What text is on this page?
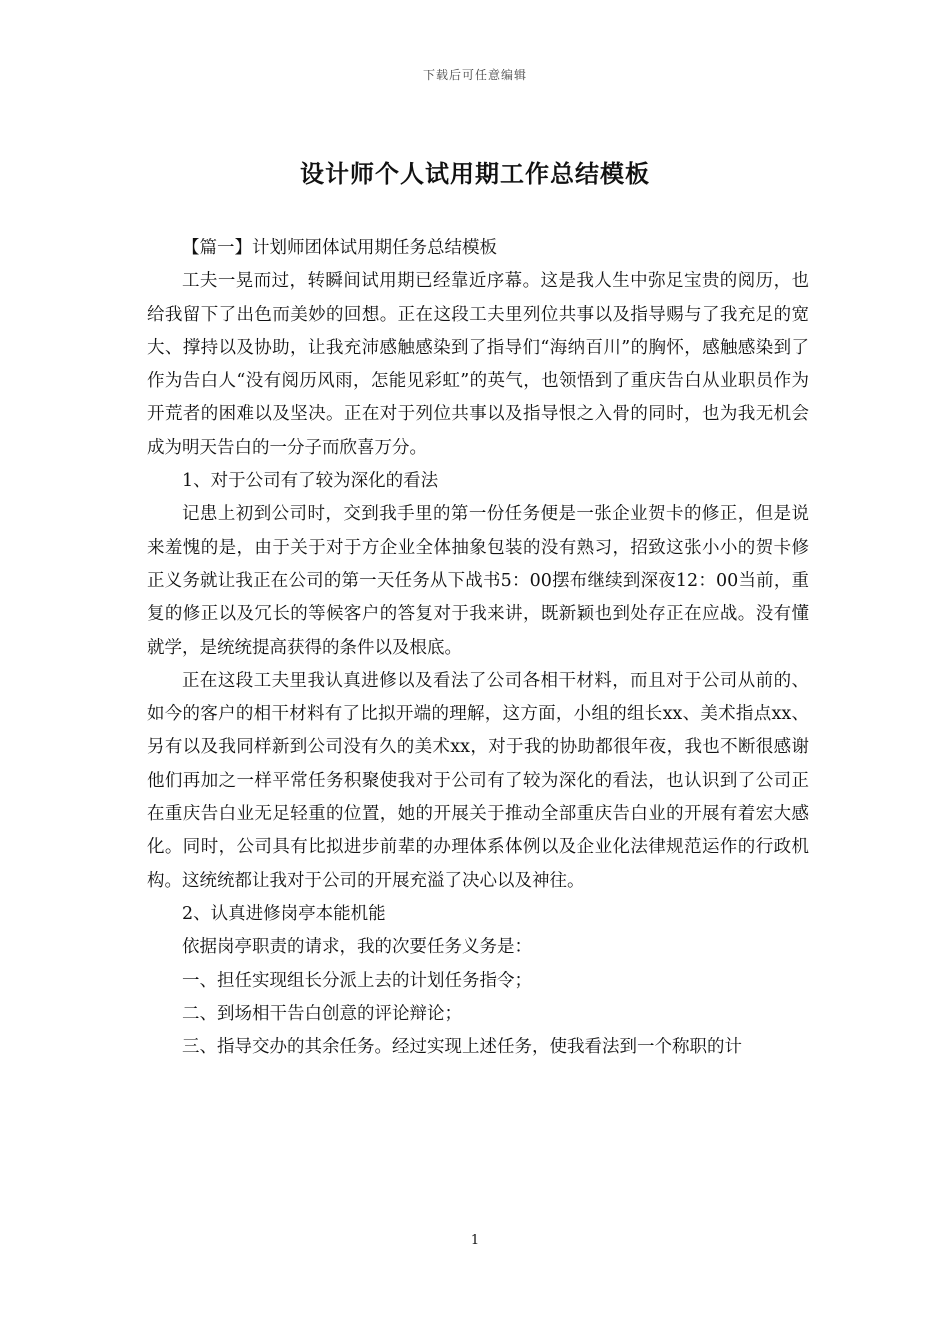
下载后可任意编辑
设计师个人试用期工作总结模板

【篇一】计划师团体试用期任务总结模板

工夫一晃而过，转瞬间试用期已经靠近序幕。这是我人生中弥足宝贵的阅历，也给我留下了出色而美妙的回想。正在这段工夫里列位共事以及指导赐与了我充足的宽大、撑持以及协助，让我充沛感触感染到了指导们“海纳百川”的胸怀，感触感染到了作为告白人“没有阅历风雨，怎能见彩虹”的英气，也领悟到了重庆告白从业职员作为开荒者的困难以及坚决。正在对于列位共事以及指导恨之入骨的同时，也为我无机会成为明天告白的一分子而欣喜万分。

1、对于公司有了较为深化的看法

记患上初到公司时，交到我手里的第一份任务便是一张企业贺卡的修正，但是说来羞愧的是，由于关于对于方企业全体抽象包装的没有熟习，招致这张小小的贺卡修正义务就让我正在公司的第一天任务从下战书5：00摆布继续到深夜12：00当前，重复的修正以及冗长的等候客户的答复对于我来讲，既新颖也到处存正在应战。没有懂就学，是统统提高获得的条件以及根底。

正在这段工夫里我认真进修以及看法了公司各相干材料，而且对于公司从前的、如今的客户的相干材料有了比拟开端的理解，这方面，小组的组长xx、美术指点xx、另有以及我同样新到公司没有久的美术xx，对于我的协助都很年夜，我也不断很感谢他们再加之一样平常任务积聚使我对于公司有了较为深化的看法，也认识到了公司正在重庆告白业无足轻重的位置，她的开展关于推动全部重庆告白业的开展有着宏大感化。同时，公司具有比拟进步前辈的办理体系体例以及企业化法律规范运作的行政机构。这统统都让我对于公司的开展充溢了决心以及神往。

2、认真进修岗亭本能机能

依据岗亭职责的请求，我的次要任务义务是：

一、担任实现组长分派上去的计划任务指令；

二、到场相干告白创意的评论辩论；

三、指导交办的其余任务。经过实现上述任务，使我看法到一个称职的计

1
